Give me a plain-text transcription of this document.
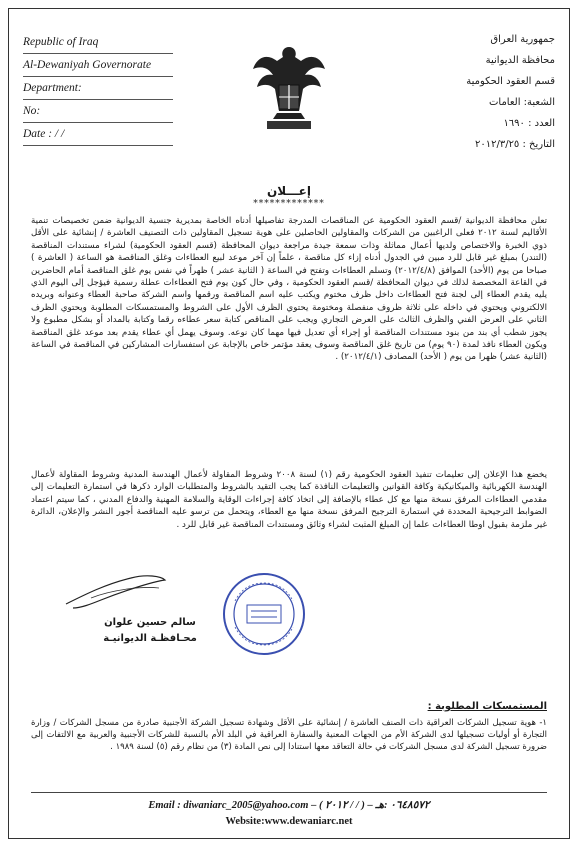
Republic of Iraq
Al-Dewaniyah Governorate
Department:
No:
Date : / /
جمهورية العراق
محافظة الديوانية
قسم العقود الحكومية
الشعبة: العامات
العدد : ١٦٩٠
التاريخ : ٢٠١٢/٣/٢٥
إعـــلان
*************
تعلن محافظة الديوانية /قسم العقود الحكومية عن المناقصات المدرجة تفاصيلها أدناه الخاصة بمديرية جنسية الديوانية ضمن تخصيصات تنمية الأقاليم لسنة ٢٠١٢ فعلى الراغبين من الشركات والمقاولين الحاصلين على هوية تسجيل المقاولين ذات التصنيف العاشرة / إنشائية على الأقل ذوي الخبرة والاختصاص ولديها أعمال مماثلة وذات سمعة جيدة مراجعة ديوان المحافظة (قسم العقود الحكومية) لشراء مستندات المناقصة (التندر) بمبلغ غير قابل للرد مبين في الجدول أدناه إزاء كل مناقصة ، علماً إن آخر موعد لبيع العطاءات وغلق المناقصة هو الساعة ( العاشرة ) صباحا من يوم (الأحد) الموافق (٢٠١٢/٤/٨) وتسلم العطاءات وتفتح في الساعة ( الثانية عشر ) ظهراً في نفس يوم غلق المناقصة أمام الحاضرين في القاعة المخصصة لذلك في ديوان المحافظة /قسم العقود الحكومية ، وفي حال كون يوم فتح العطاءات عطلة رسمية فيؤجل إلى اليوم الذي يليه يقدم العطاء إلى لجنة فتح العطاءات داخل ظرف مختوم ويكتب عليه اسم المناقصة ورقمها واسم الشركة صاحبة العطاء وعنوانه وبريده الالكتروني ويحتوي في داخله على ثلاثة ظروف منفصلة ومختومة يحتوي الظرف الأول على الشروط والمستمسكات المطلوبة ويحتوي الظرف الثاني على العرض الفني والظرف الثالث على العرض التجاري ويجب على المناقص كتابة سعر عطاءه رقما وكتابة بالمداد أو بشكل مطبوع ولا يجوز شطب أي بند من بنود مستندات المناقصة أو إجراء أي تعديل فيها مهما كان نوعه. وسوف يهمل أي عطاء يقدم بعد موعد غلق المناقصة ويكون العطاء نافذ لمدة (٩٠ يوم) من تاريخ غلق المناقصة وسوف يعقد مؤتمر خاص بالإجابة عن استفسارات المشاركين في المناقصة في الساعة (الثانية عشر) ظهرا من يوم ( الأحد) المصادف (٢٠١٢/٤/١) .
يخضع هذا الإعلان إلى تعليمات تنفيذ العقود الحكومية رقم (١) لسنة ٢٠٠٨ وشروط المقاولة لأعمال الهندسة المدنية وشروط المقاولة لأعمال الهندسة الكهربائية والميكانيكية وكافة القوانين والتعليمات النافذة كما يجب التقيد بالشروط والمتطلبات الوارد ذكرها في استمارة التعليمات إلى مقدمي العطاءات المرفق نسخة منها مع كل عطاء بالإضافة إلى اتخاذ كافة إجراءات الوقاية والسلامة المهنية والدفاع المدني ، كما سيتم اعتماد الضوابط الترجيحية المحددة في استمارة الترجيح المرفق نسخة منها مع العطاء، ويتحمل من ترسو عليه المناقصة أجور النشر والإعلان، الدائرة غير ملزمة بقبول اوطا العطاءات علما إن المبلغ المثبت لشراء وثائق ومستندات المناقصة غير قابل للرد .
سالم حسين علوان
محـافظـة الديوانيـة
المستمسكات المطلوبة :
١- هوية تسجيل الشركات العراقية ذات الصنف العاشرة / إنشائية على الأقل وشهادة تسجيل الشركة الأجنبية صادرة من مسجل الشركات / وزارة التجارة أو أوليات تسجيلها لدى الشركة الأم من الجهات المعنية والسفارة العراقية في البلد الأم بالنسبة للشركات الأجنبية والعربية مع الالتفات إلى ضرورة تسجيل الشركة لدى مسجل الشركات في حالة التعاقد معها استنادا إلى نص المادة (٣) من نظام رقم (٥) لسنة ١٩٨٩ .
Email : diwaniarc_2005@yahoo.com – ( ٢٠١٢ / / ) – ٠٦٤٨٥٧٢ :هـ
Website:www.dewaniarc.net
